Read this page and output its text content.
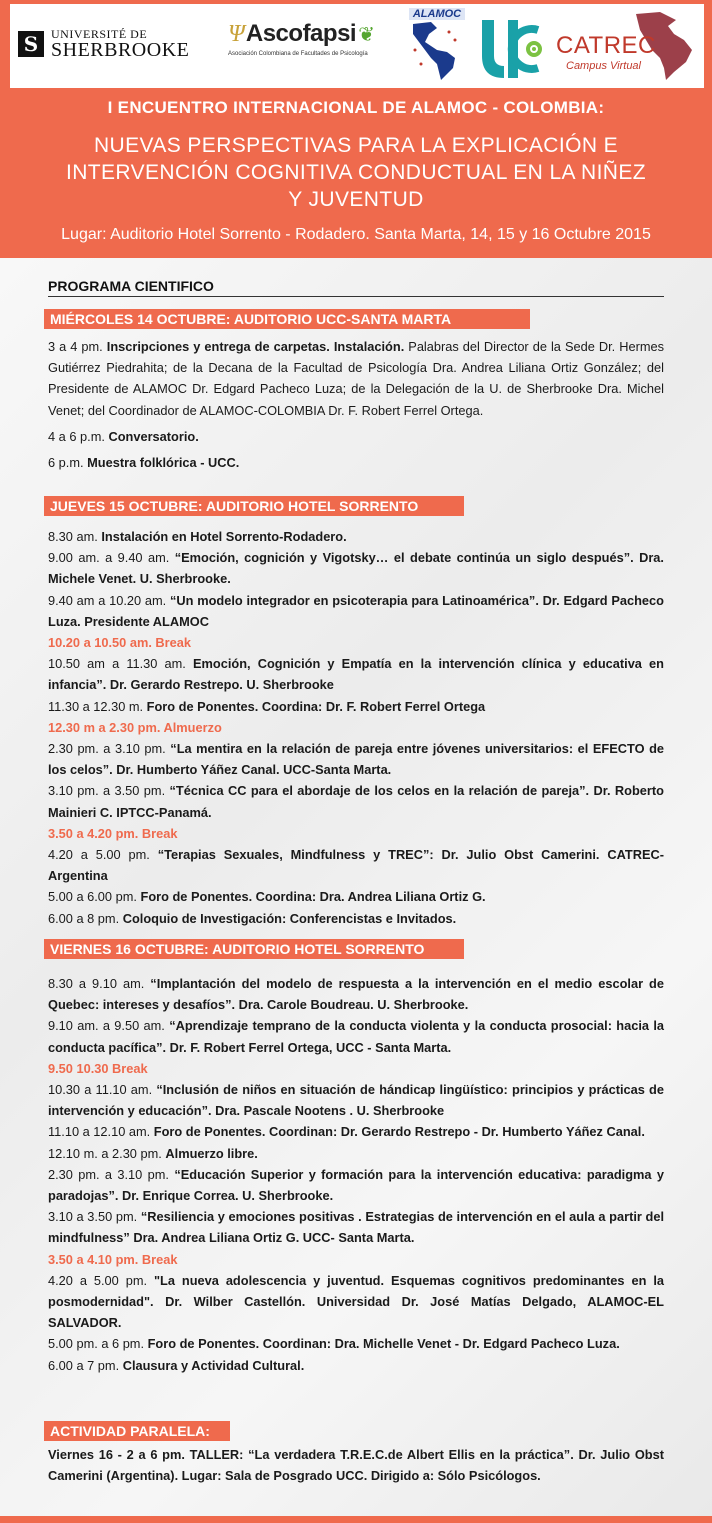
S	UNIVERSITÉ DE
SHERBROOKE
Ψ Ascofapsi ❦
Asociación Colombiana de Facultades de Psicología
ALAMOC
CATREC
Campus Virtual
I ENCUENTRO INTERNACIONAL DE ALAMOC - COLOMBIA:
NUEVAS PERSPECTIVAS PARA LA EXPLICACIÓN E
INTERVENCIÓN COGNITIVA CONDUCTUAL EN LA NIÑEZ
Y JUVENTUD
Lugar: Auditorio Hotel Sorrento - Rodadero. Santa Marta, 14, 15 y 16 Octubre 2015
PROGRAMA CIENTIFICO
MIÉRCOLES 14 OCTUBRE: AUDITORIO UCC-SANTA MARTA
3 a 4 pm. Inscripciones y entrega de carpetas. Instalación. Palabras del Director de la Sede Dr. Hermes Gutiérrez Piedrahita; de la Decana de la Facultad de Psicología Dra. Andrea Liliana Ortiz González; del Presidente de ALAMOC Dr. Edgard Pacheco Luza; de la Delegación de la U. de Sherbrooke Dra. Michel Venet; del Coordinador de ALAMOC-COLOMBIA Dr. F. Robert Ferrel Ortega.
4 a 6 p.m. Conversatorio.
6 p.m. Muestra folklórica - UCC.
JUEVES 15 OCTUBRE: AUDITORIO HOTEL SORRENTO
8.30 am. Instalación en Hotel Sorrento-Rodadero.
9.00 am. a 9.40 am. “Emoción, cognición y Vigotsky… el debate continúa un siglo después”. Dra. Michele Venet. U. Sherbrooke.
9.40 am a 10.20 am. “Un modelo integrador en psicoterapia para Latinoamérica”. Dr. Edgard Pacheco Luza. Presidente ALAMOC
10.20 a 10.50 am. Break
10.50 am a 11.30 am. Emoción, Cognición y Empatía en la intervención clínica y educativa en infancia”. Dr. Gerardo Restrepo. U. Sherbrooke
11.30 a 12.30 m. Foro de Ponentes. Coordina: Dr. F. Robert Ferrel Ortega
12.30 m a 2.30 pm. Almuerzo
2.30 pm. a 3.10 pm. “La mentira en la relación de pareja entre jóvenes universitarios: el EFECTO de los celos”. Dr. Humberto Yáñez Canal. UCC-Santa Marta.
3.10 pm. a 3.50 pm. “Técnica CC para el abordaje de los celos en la relación de pareja”. Dr. Roberto Mainieri C. IPTCC-Panamá.
3.50 a 4.20 pm. Break
4.20 a 5.00 pm. “Terapias Sexuales, Mindfulness y TREC”: Dr. Julio Obst Camerini. CATREC-Argentina
5.00 a 6.00 pm. Foro de Ponentes. Coordina: Dra. Andrea Liliana Ortiz G.
6.00 a 8 pm. Coloquio de Investigación: Conferencistas e Invitados.
VIERNES 16 OCTUBRE: AUDITORIO HOTEL SORRENTO
8.30 a 9.10 am. “Implantación del modelo de respuesta a la intervención en el medio escolar de Quebec: intereses y desafíos”. Dra. Carole Boudreau. U. Sherbrooke.
9.10 am. a 9.50 am. “Aprendizaje temprano de la conducta violenta y la conducta prosocial: hacia la conducta pacífica”. Dr. F. Robert Ferrel Ortega, UCC - Santa Marta.
9.50 10.30 Break
10.30 a 11.10 am. “Inclusión de niños en situación de hándicap lingüístico: principios y prácticas de intervención y educación”. Dra. Pascale Nootens . U. Sherbrooke
11.10 a 12.10 am. Foro de Ponentes. Coordinan: Dr. Gerardo Restrepo - Dr. Humberto Yáñez Canal.
12.10 m. a 2.30 pm. Almuerzo libre.
2.30 pm. a 3.10 pm. “Educación Superior y formación para la intervención educativa: paradigma y paradojas”. Dr. Enrique Correa. U. Sherbrooke.
3.10 a 3.50 pm. “Resiliencia y emociones positivas . Estrategias de intervención en el aula a partir del mindfulness” Dra. Andrea Liliana Ortiz G. UCC- Santa Marta.
3.50 a 4.10 pm. Break
4.20 a 5.00 pm. "La nueva adolescencia y juventud. Esquemas cognitivos predominantes en la posmodernidad". Dr. Wilber Castellón. Universidad Dr. José Matías Delgado, ALAMOC-EL SALVADOR.
5.00 pm. a 6 pm. Foro de Ponentes. Coordinan: Dra. Michelle Venet - Dr. Edgard Pacheco Luza.
6.00 a 7 pm. Clausura y Actividad Cultural.
ACTIVIDAD PARALELA:
Viernes 16 - 2 a 6 pm. TALLER: “La verdadera T.R.E.C.de Albert Ellis en la práctica”. Dr. Julio Obst Camerini (Argentina). Lugar: Sala de Posgrado UCC. Dirigido a: Sólo Psicólogos.
